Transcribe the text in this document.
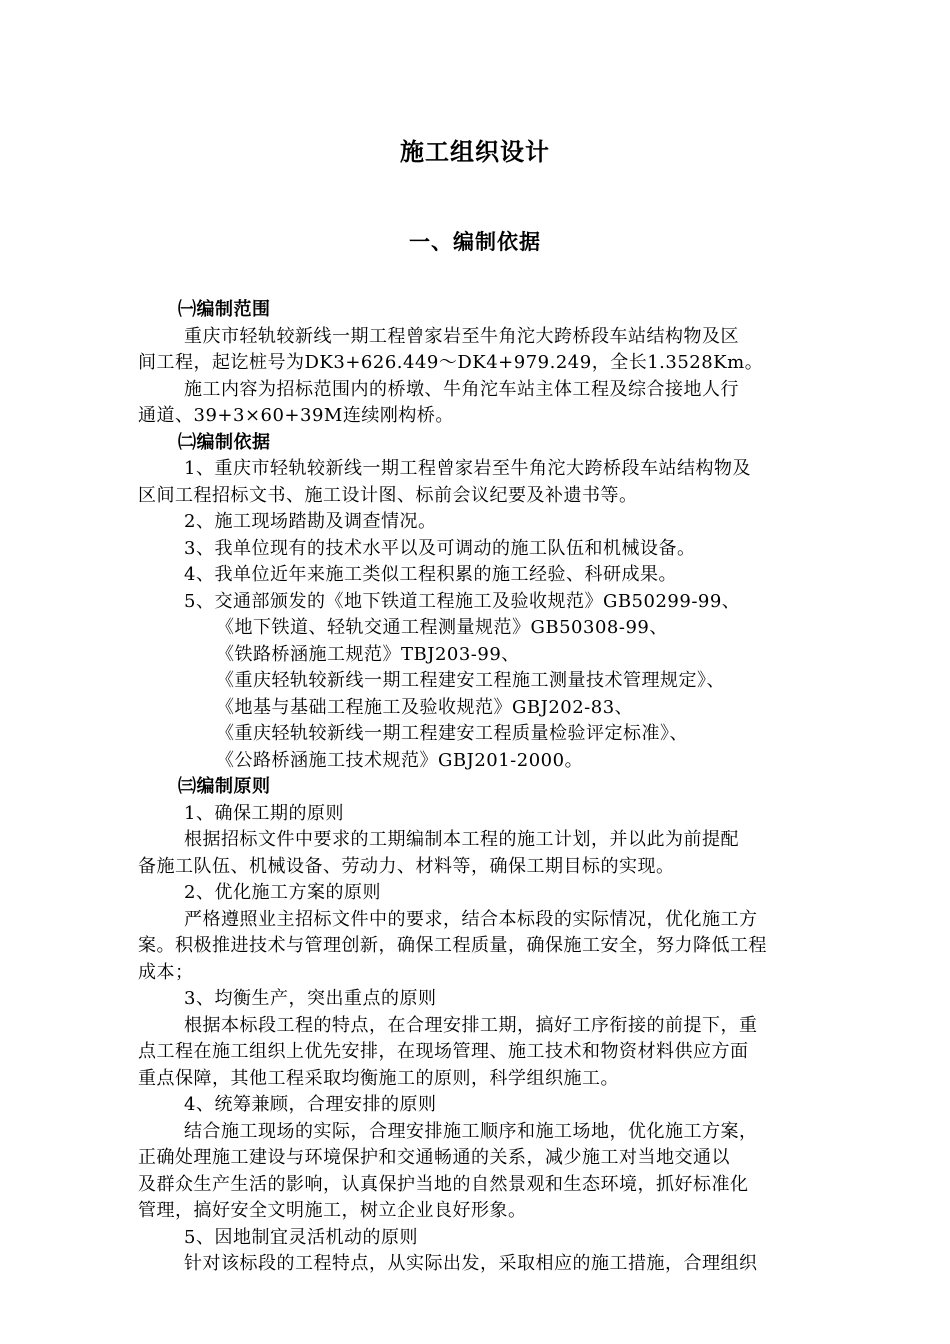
施工组织设计
一、编制依据

㈠编制范围

重庆市轻轨较新线一期工程曾家岩至牛角沱大跨桥段车站结构物及区
间工程，起讫桩号为DK3+626.449～DK4+979.249，全长1.3528Km。

施工内容为招标范围内的桥墩、牛角沱车站主体工程及综合接地人行
通道、39+3×60+39M连续刚构桥。

㈡编制依据

1、重庆市轻轨较新线一期工程曾家岩至牛角沱大跨桥段车站结构物及
区间工程招标文书、施工设计图、标前会议纪要及补遗书等。

2、施工现场踏勘及调查情况。

3、我单位现有的技术水平以及可调动的施工队伍和机械设备。

4、我单位近年来施工类似工程积累的施工经验、科研成果。

5、交通部颁发的《地下铁道工程施工及验收规范》GB50299-99、

《地下铁道、轻轨交通工程测量规范》GB50308-99、

《铁路桥涵施工规范》TBJ203-99、

《重庆轻轨较新线一期工程建安工程施工测量技术管理规定》、

《地基与基础工程施工及验收规范》GBJ202-83、

《重庆轻轨较新线一期工程建安工程质量检验评定标准》、

《公路桥涵施工技术规范》GBJ201-2000。

㈢编制原则

1、确保工期的原则

根据招标文件中要求的工期编制本工程的施工计划，并以此为前提配
备施工队伍、机械设备、劳动力、材料等，确保工期目标的实现。

2、优化施工方案的原则

严格遵照业主招标文件中的要求，结合本标段的实际情况，优化施工方
案。积极推进技术与管理创新，确保工程质量，确保施工安全，努力降低工程
成本；

3、均衡生产，突出重点的原则

根据本标段工程的特点，在合理安排工期，搞好工序衔接的前提下，重
点工程在施工组织上优先安排，在现场管理、施工技术和物资材料供应方面
重点保障，其他工程采取均衡施工的原则，科学组织施工。

4、统筹兼顾，合理安排的原则

结合施工现场的实际，合理安排施工顺序和施工场地，优化施工方案，
正确处理施工建设与环境保护和交通畅通的关系，减少施工对当地交通以
及群众生产生活的影响，认真保护当地的自然景观和生态环境，抓好标准化
管理，搞好安全文明施工，树立企业良好形象。

5、因地制宜灵活机动的原则

针对该标段的工程特点，从实际出发，采取相应的施工措施，合理组织
